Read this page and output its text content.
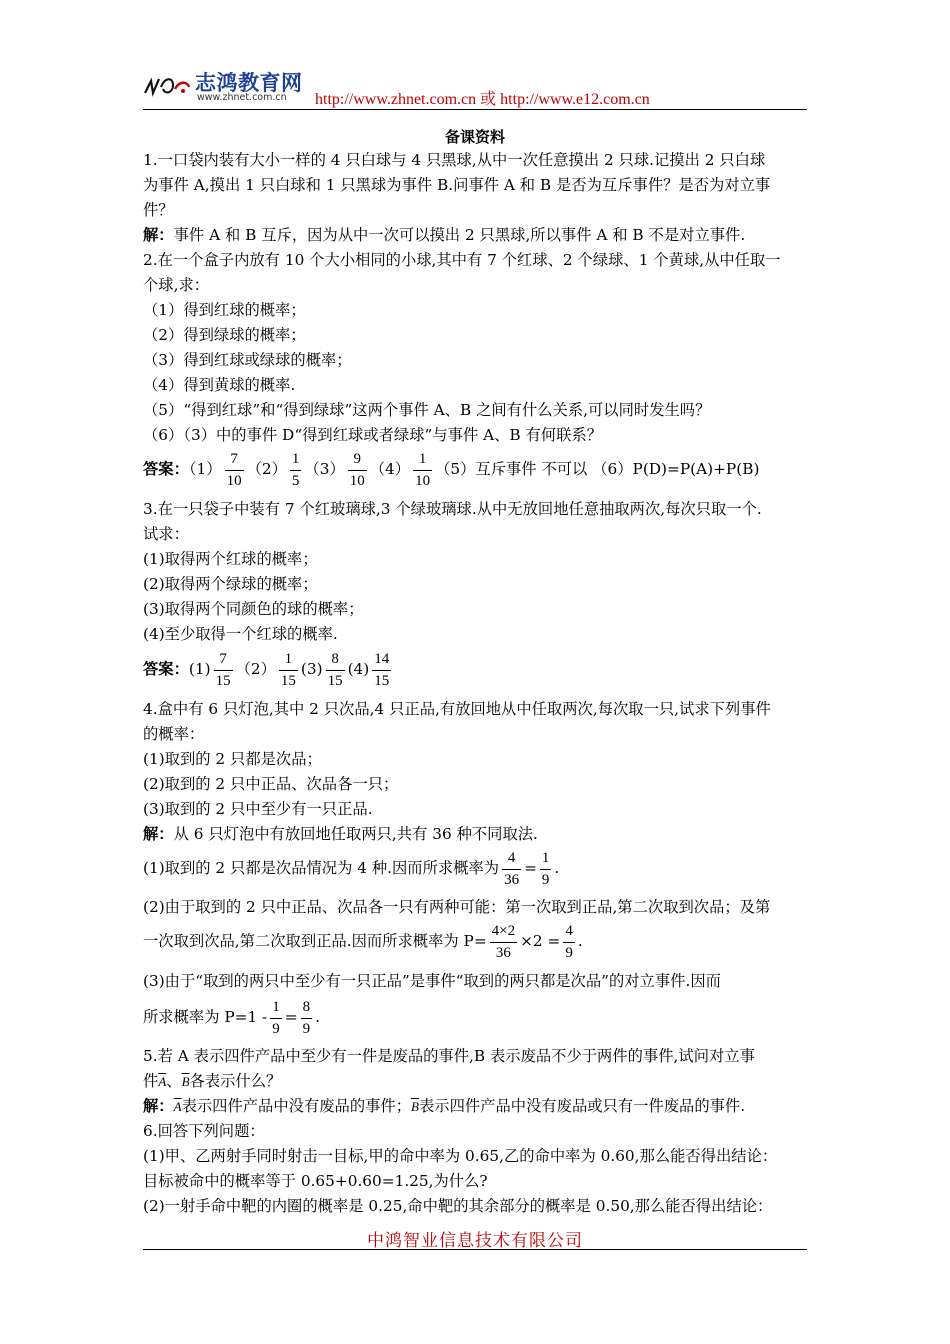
志鸿教育网
www.zhnet.com.cn http://www.zhnet.com.cn 或 http://www.e12.com.cn
备课资料
1.一口袋内装有大小一样的 4 只白球与 4 只黑球,从中一次任意摸出 2 只球.记摸出 2 只白球
为事件 A,摸出 1 只白球和 1 只黑球为事件 B.问事件 A 和 B 是否为互斥事件？是否为对立事
件？
解：事件 A 和 B 互斥，因为从中一次可以摸出 2 只黑球,所以事件 A 和 B 不是对立事件.
2.在一个盒子内放有 10 个大小相同的小球,其中有 7 个红球、2 个绿球、1 个黄球,从中任取一
个球,求：
（1）得到红球的概率；
（2）得到绿球的概率；
（3）得到红球或绿球的概率；
（4）得到黄球的概率.
（5）“得到红球”和“得到绿球”这两个事件 A、B 之间有什么关系,可以同时发生吗？
（6）（3）中的事件 D“得到红球或者绿球”与事件 A、B 有何联系？
答案：$(1) \frac{7}{10} (2) \frac{1}{5} (3) \frac{9}{10} (4) \frac{1}{10} (5)$互斥事件 不可以 （6）P(D)=P(A)+P(B)
3.在一只袋子中装有 7 个红玻璃球,3 个绿玻璃球.从中无放回地任意抽取两次,每次只取一个.
试求：
(1)取得两个红球的概率；
(2)取得两个绿球的概率；
(3)取得两个同颜色的球的概率；
(4)至少取得一个红球的概率.
答案：$(1) \frac{7}{15} (2) \frac{1}{15} (3) \frac{8}{15} (4) \frac{14}{15}$
4.盒中有 6 只灯泡,其中 2 只次品,4 只正品,有放回地从中任取两次,每次取一只,试求下列事件
的概率：
(1)取到的 2 只都是次品；
(2)取到的 2 只中正品、次品各一只；
(3)取到的 2 只中至少有一只正品.
解：从 6 只灯泡中有放回地任取两只,共有 36 种不同取法.
(1)取到的 2 只都是次品情况为 4 种.因而所求概率为 $\frac{4}{36} = \frac{1}{9}$ .
(2)由于取到的 2 只中正品、次品各一只有两种可能：第一次取到正品,第二次取到次品；及第
一次取到次品,第二次取到正品.因而所求概率为 $P= \frac{4\times 2}{36} \times 2 = \frac{4}{9}$ .
(3)由于“取到的两只中至少有一只正品”是事件“取到的两只都是次品”的对立事件.因而
所求概率为 $P=1 - \frac{1}{9} = \frac{8}{9}$ .
5.若 A 表示四件产品中至少有一件是废品的事件,B 表示废品不少于两件的事件,试问对立事
件$\overline{A}$、$\overline{B}$各表示什么？
解：$\overline{A}$表示四件产品中没有废品的事件；$\overline{B}$表示四件产品中没有废品或只有一件废品的事件.
6.回答下列问题：
(1)甲、乙两射手同时射击一目标,甲的命中率为 0.65,乙的命中率为 0.60,那么能否得出结论：
目标被命中的概率等于 0.65+0.60=1.25,为什么?
(2)一射手命中靶的内圈的概率是 0.25,命中靶的其余部分的概率是 0.50,那么能否得出结论：
中鸿智业信息技术有限公司
